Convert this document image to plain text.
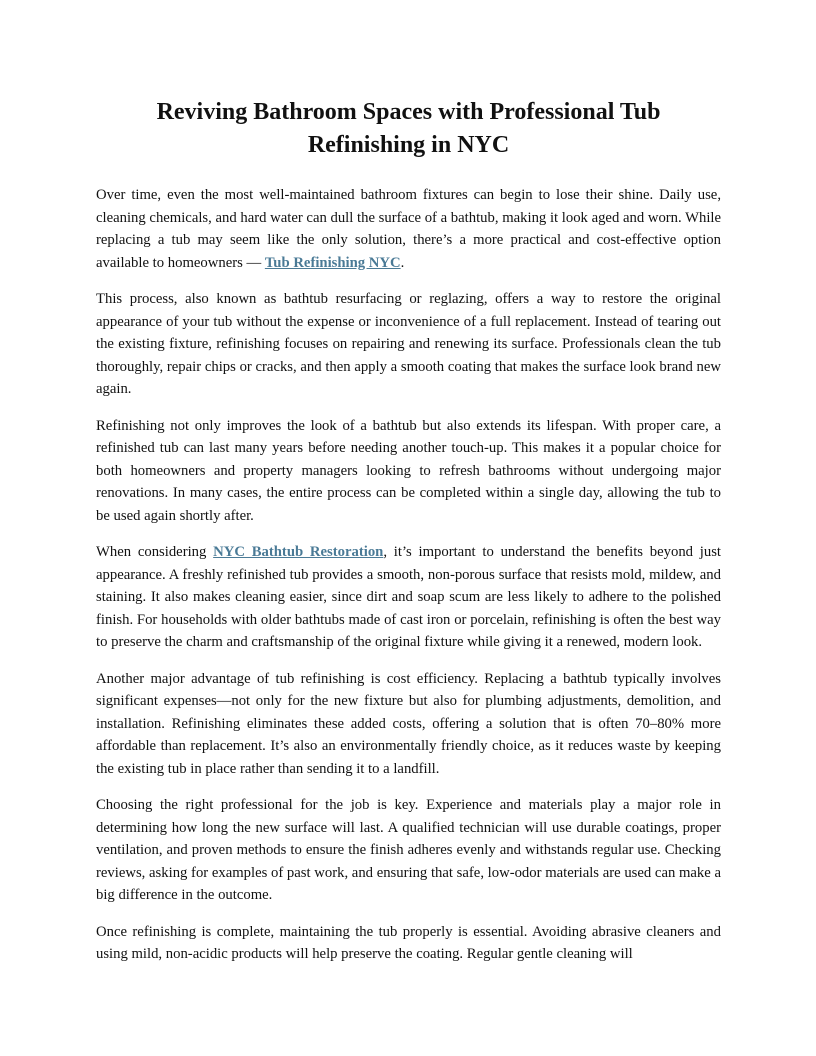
Reviving Bathroom Spaces with Professional Tub Refinishing in NYC

Over time, even the most well-maintained bathroom fixtures can begin to lose their shine. Daily use, cleaning chemicals, and hard water can dull the surface of a bathtub, making it look aged and worn. While replacing a tub may seem like the only solution, there’s a more practical and cost-effective option available to homeowners — Tub Refinishing NYC.

This process, also known as bathtub resurfacing or reglazing, offers a way to restore the original appearance of your tub without the expense or inconvenience of a full replacement. Instead of tearing out the existing fixture, refinishing focuses on repairing and renewing its surface. Professionals clean the tub thoroughly, repair chips or cracks, and then apply a smooth coating that makes the surface look brand new again.

Refinishing not only improves the look of a bathtub but also extends its lifespan. With proper care, a refinished tub can last many years before needing another touch-up. This makes it a popular choice for both homeowners and property managers looking to refresh bathrooms without undergoing major renovations. In many cases, the entire process can be completed within a single day, allowing the tub to be used again shortly after.

When considering NYC Bathtub Restoration, it’s important to understand the benefits beyond just appearance. A freshly refinished tub provides a smooth, non-porous surface that resists mold, mildew, and staining. It also makes cleaning easier, since dirt and soap scum are less likely to adhere to the polished finish. For households with older bathtubs made of cast iron or porcelain, refinishing is often the best way to preserve the charm and craftsmanship of the original fixture while giving it a renewed, modern look.

Another major advantage of tub refinishing is cost efficiency. Replacing a bathtub typically involves significant expenses—not only for the new fixture but also for plumbing adjustments, demolition, and installation. Refinishing eliminates these added costs, offering a solution that is often 70–80% more affordable than replacement. It’s also an environmentally friendly choice, as it reduces waste by keeping the existing tub in place rather than sending it to a landfill.

Choosing the right professional for the job is key. Experience and materials play a major role in determining how long the new surface will last. A qualified technician will use durable coatings, proper ventilation, and proven methods to ensure the finish adheres evenly and withstands regular use. Checking reviews, asking for examples of past work, and ensuring that safe, low-odor materials are used can make a big difference in the outcome.

Once refinishing is complete, maintaining the tub properly is essential. Avoiding abrasive cleaners and using mild, non-acidic products will help preserve the coating. Regular gentle cleaning will
